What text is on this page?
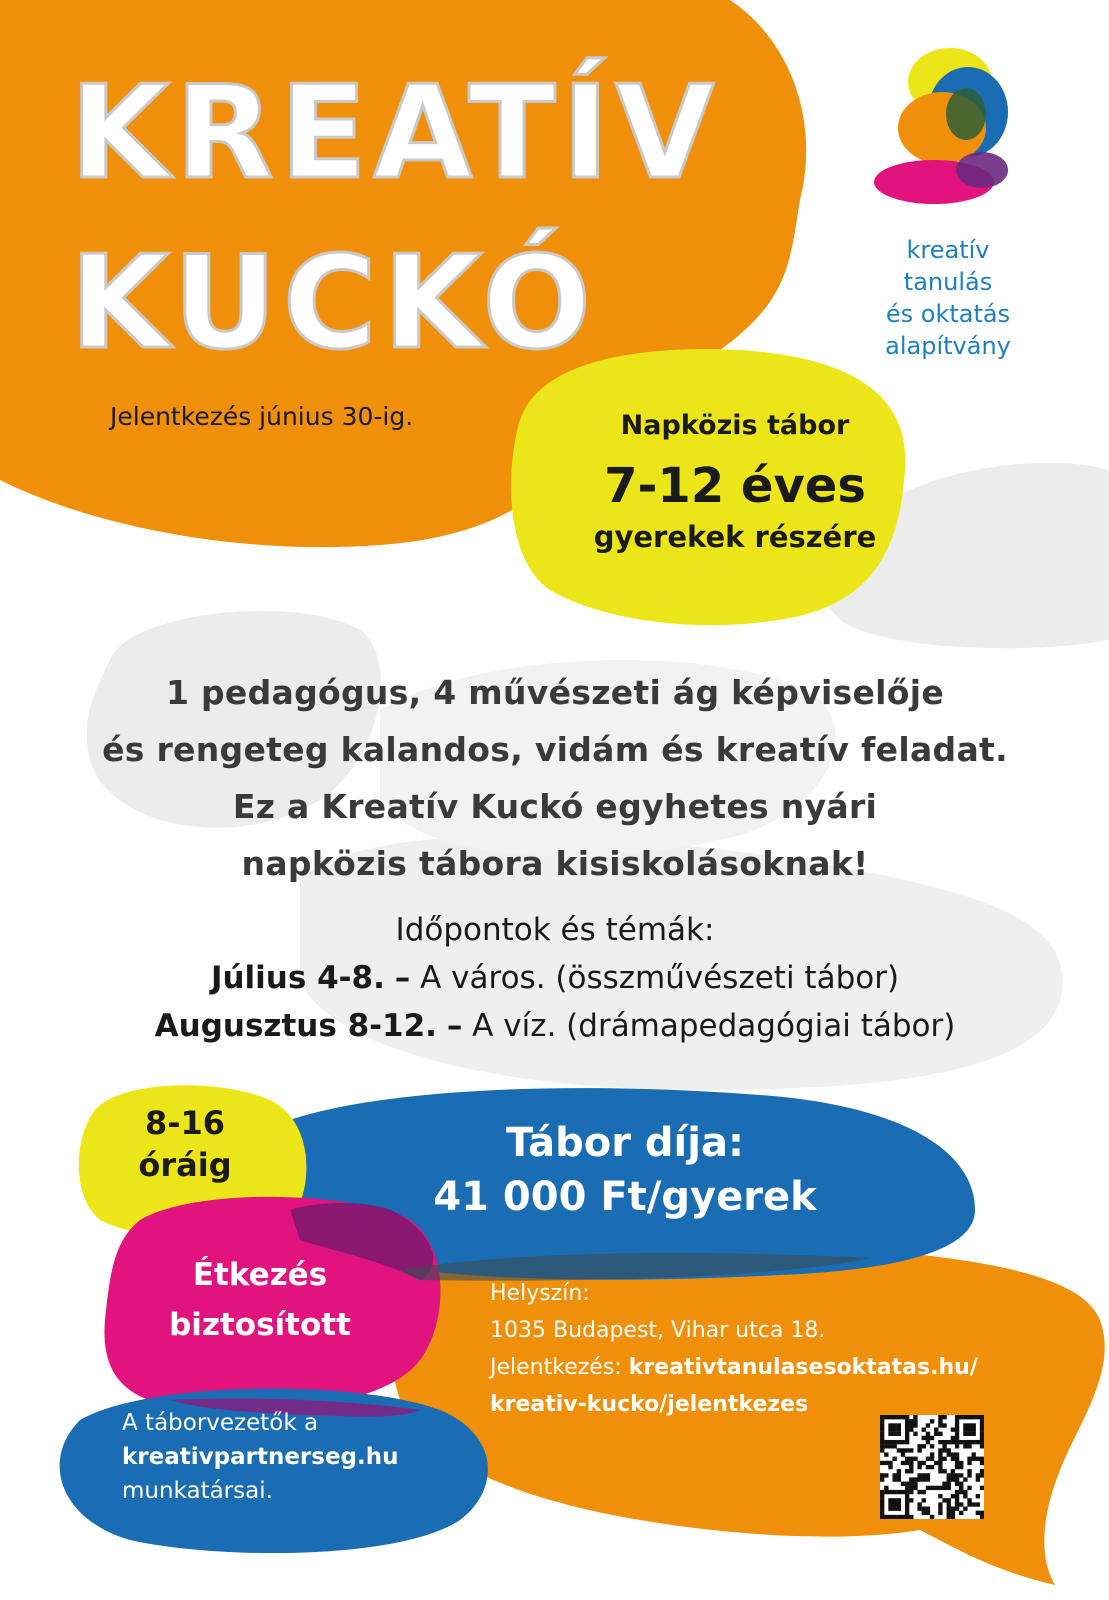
kreatív
tanulás
és oktatás
alapítvány
KREATÍV
KUCKÓ
Jelentkezés június 30-ig.	Napközis tábor
7-12 éves
gyerekek részére
1 pedagógus, 4 művészeti ág képviselője
és rengeteg kalandos, vidám és kreatív feladat.
Ez a Kreatív Kuckó egyhetes nyári
napközis tábora kisiskolásoknak!
Időpontok és témák:
Július 4-8. – A város. (összművészeti tábor)
Augusztus 8-12. – A víz. (drámapedagógiai tábor)
8-16
óráig	Tábor díja:
41 000 Ft/gyerek
Étkezés
biztosított
Helyszín:
1035 Budapest, Vihar utca 18.
Jelentkezés: kreativtanulasesoktatas.hu/
kreativ-kucko/jelentkezes
A táborvezetők a
kreativpartnerseg.hu
munkatársai.
